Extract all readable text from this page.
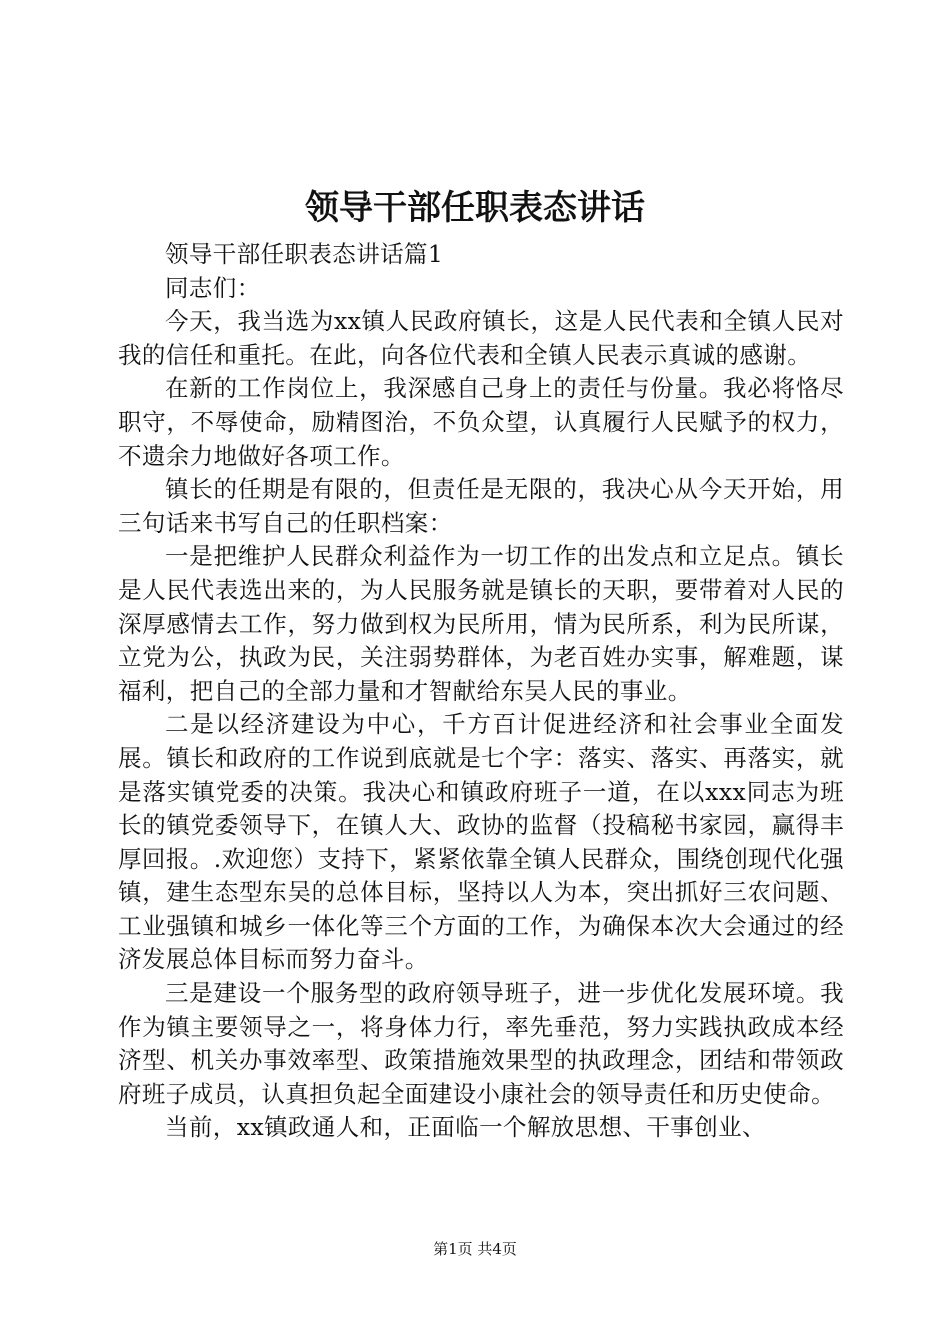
领导干部任职表态讲话

领导干部任职表态讲话篇1

同志们：

今天，我当选为xx镇人民政府镇长，这是人民代表和全镇人民对我的信任和重托。在此，向各位代表和全镇人民表示真诚的感谢。

在新的工作岗位上，我深感自己身上的责任与份量。我必将恪尽职守，不辱使命，励精图治，不负众望，认真履行人民赋予的权力，不遗余力地做好各项工作。

镇长的任期是有限的，但责任是无限的，我决心从今天开始，用三句话来书写自己的任职档案：

一是把维护人民群众利益作为一切工作的出发点和立足点。镇长是人民代表选出来的，为人民服务就是镇长的天职，要带着对人民的深厚感情去工作，努力做到权为民所用，情为民所系，利为民所谋，立党为公，执政为民，关注弱势群体，为老百姓办实事，解难题，谋福利，把自己的全部力量和才智献给东吴人民的事业。

二是以经济建设为中心，千方百计促进经济和社会事业全面发展。镇长和政府的工作说到底就是七个字：落实、落实、再落实，就是落实镇党委的决策。我决心和镇政府班子一道，在以xxx同志为班长的镇党委领导下，在镇人大、政协的监督（投稿秘书家园，赢得丰厚回报。.欢迎您）支持下，紧紧依靠全镇人民群众，围绕创现代化强镇，建生态型东吴的总体目标，坚持以人为本，突出抓好三农问题、工业强镇和城乡一体化等三个方面的工作，为确保本次大会通过的经济发展总体目标而努力奋斗。

三是建设一个服务型的政府领导班子，进一步优化发展环境。我作为镇主要领导之一，将身体力行，率先垂范，努力实践执政成本经济型、机关办事效率型、政策措施效果型的执政理念，团结和带领政府班子成员，认真担负起全面建设小康社会的领导责任和历史使命。

当前，xx镇政通人和，正面临一个解放思想、干事创业、

第1页 共4页
